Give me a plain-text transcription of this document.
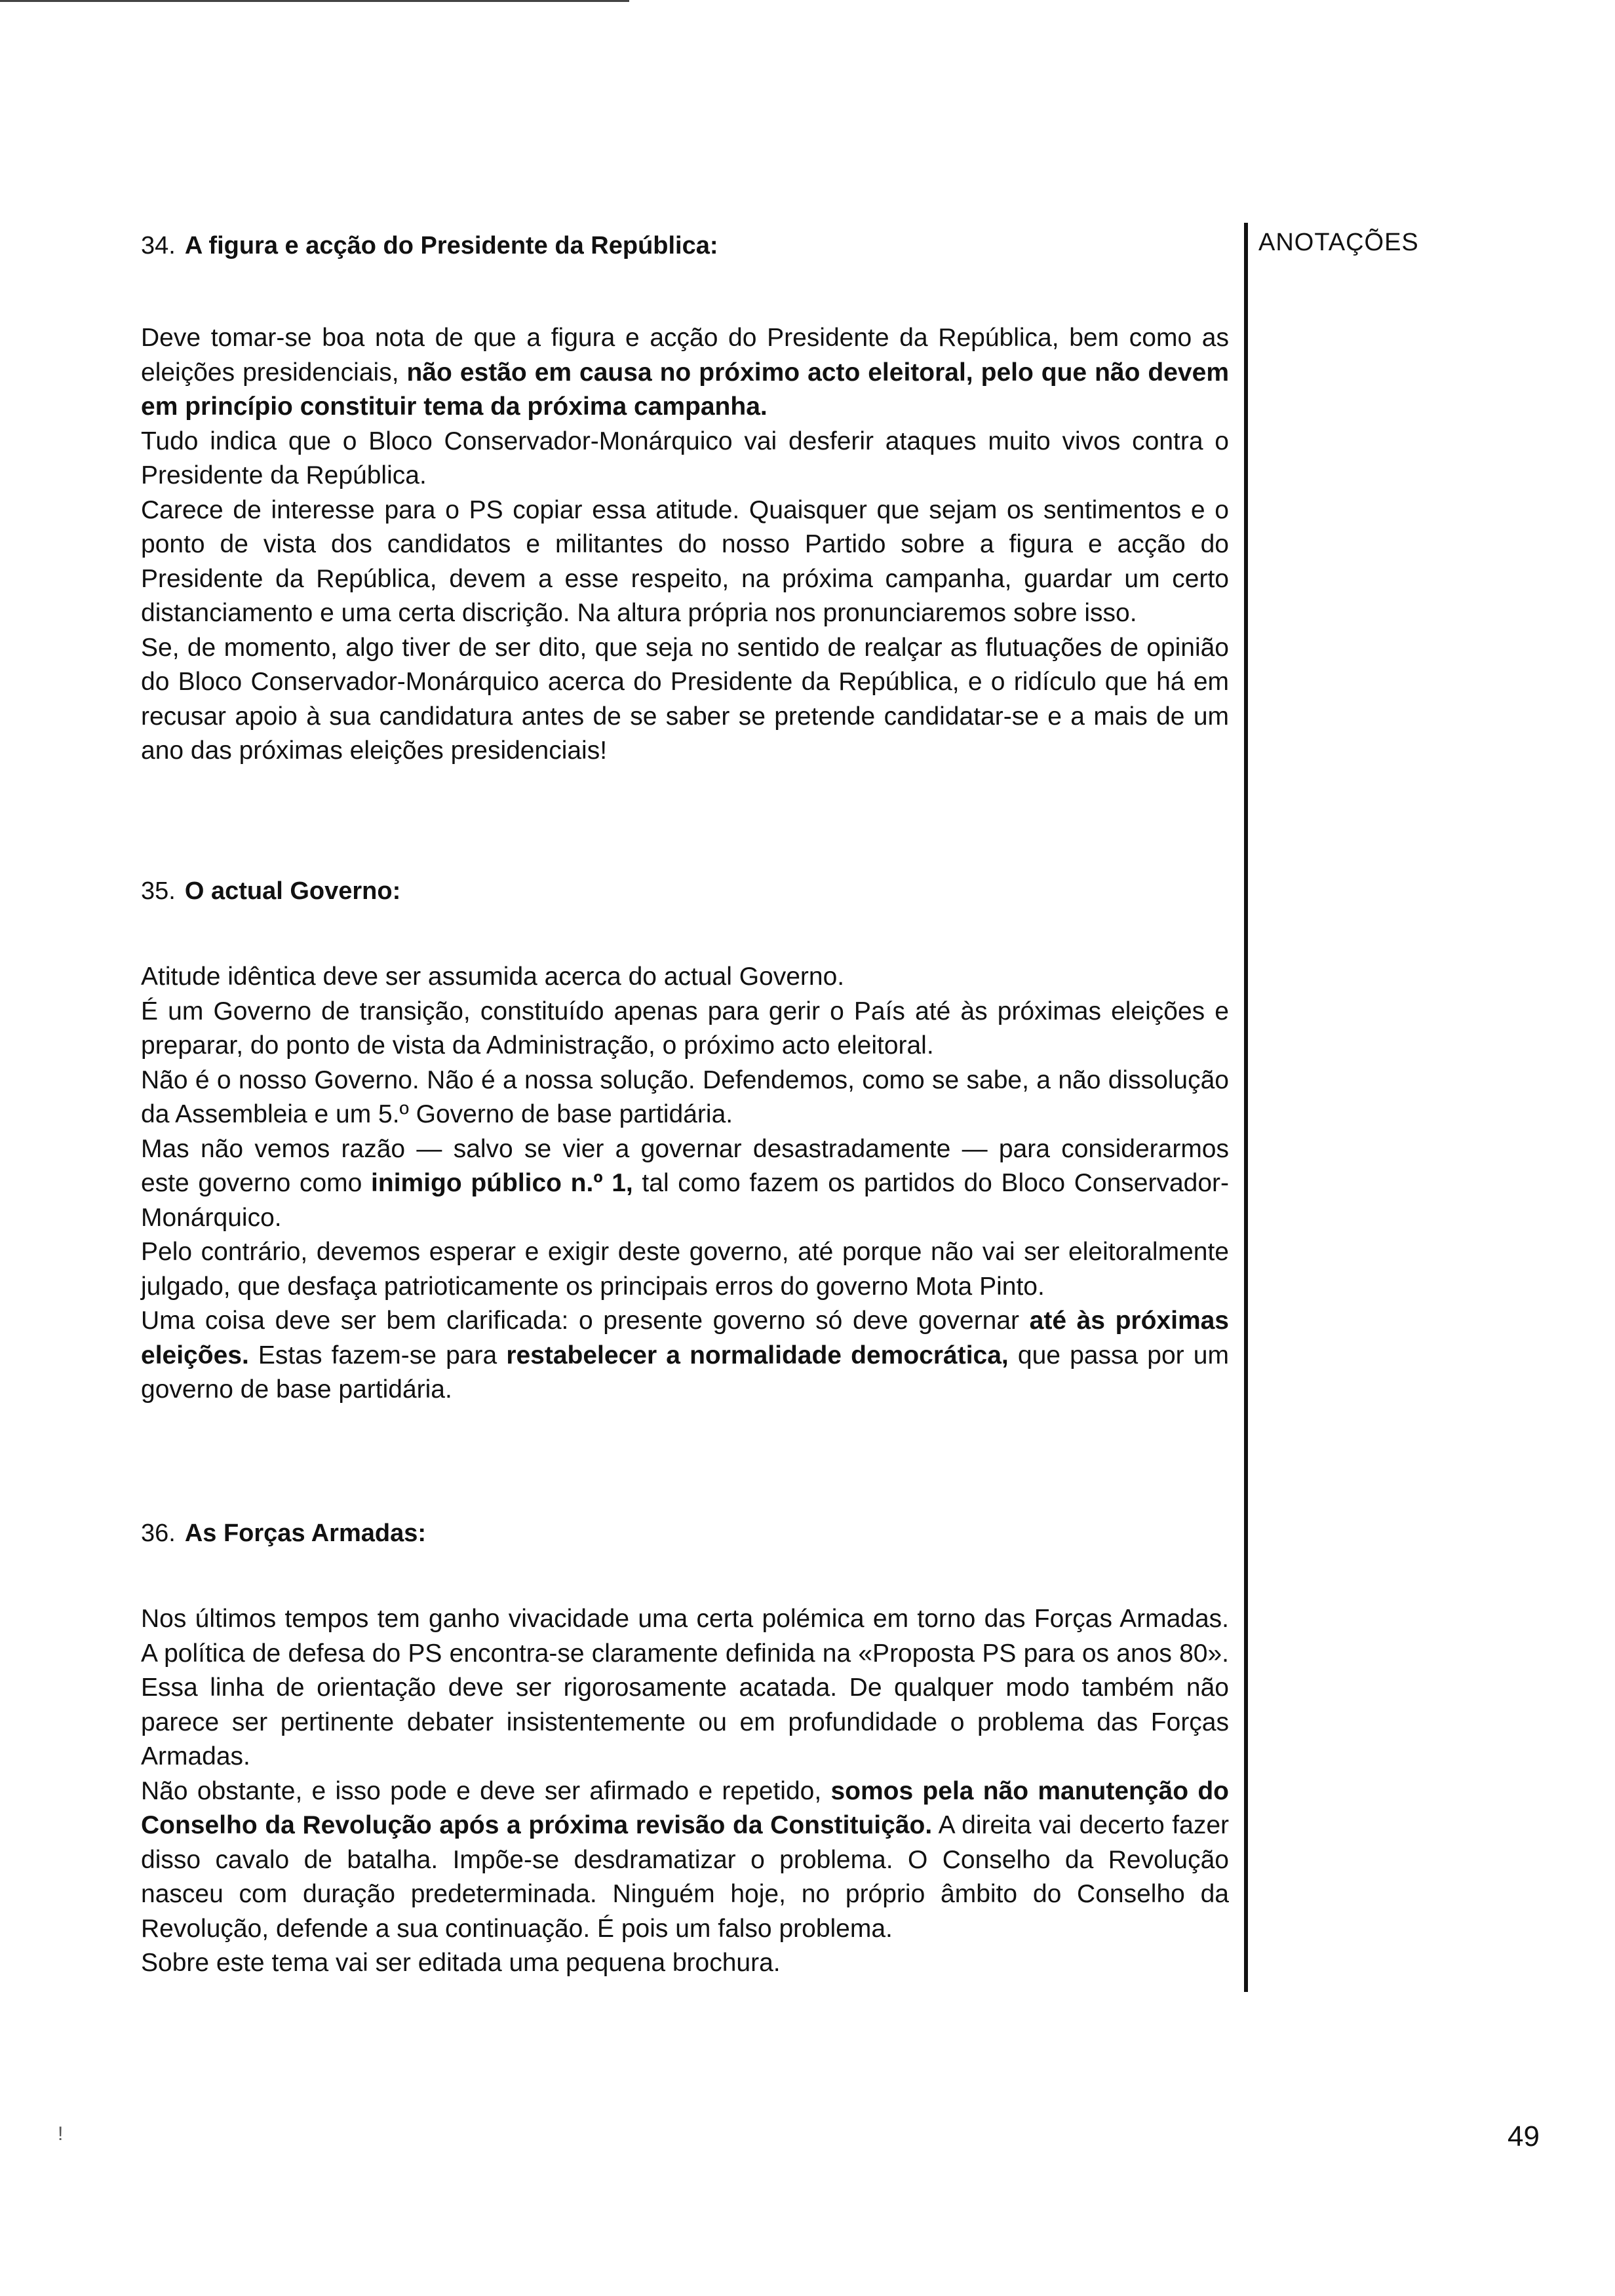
34. A figura e acção do Presidente da República:

Deve tomar-se boa nota de que a figura e acção do Presidente da República, bem como as eleições presidenciais, não estão em causa no próximo acto eleitoral, pelo que não devem em princípio constituir tema da próxima campanha.

Tudo indica que o Bloco Conservador-Monárquico vai desferir ataques muito vivos contra o Presidente da República.

Carece de interesse para o PS copiar essa atitude. Quaisquer que sejam os sentimentos e o ponto de vista dos candidatos e militantes do nosso Partido sobre a figura e acção do Presidente da República, devem a esse respeito, na próxima campanha, guardar um certo distanciamento e uma certa discrição. Na altura própria nos pronunciaremos sobre isso.

Se, de momento, algo tiver de ser dito, que seja no sentido de realçar as flutuações de opinião do Bloco Conservador-Monárquico acerca do Presidente da República, e o ridículo que há em recusar apoio à sua candidatura antes de se saber se pretende candidatar-se e a mais de um ano das próximas eleições presidenciais!

35. O actual Governo:

Atitude idêntica deve ser assumida acerca do actual Governo.

É um Governo de transição, constituído apenas para gerir o País até às próximas eleições e preparar, do ponto de vista da Administração, o próximo acto eleitoral.

Não é o nosso Governo. Não é a nossa solução. Defendemos, como se sabe, a não dissolução da Assembleia e um 5.º Governo de base partidária.

Mas não vemos razão — salvo se vier a governar desastradamente — para considerarmos este governo como inimigo público n.º 1, tal como fazem os partidos do Bloco Conservador-Monárquico.

Pelo contrário, devemos esperar e exigir deste governo, até porque não vai ser eleitoralmente julgado, que desfaça patrioticamente os principais erros do governo Mota Pinto.

Uma coisa deve ser bem clarificada: o presente governo só deve governar até às próximas eleições. Estas fazem-se para restabelecer a normalidade democrática, que passa por um governo de base partidária.

36. As Forças Armadas:

Nos últimos tempos tem ganho vivacidade uma certa polémica em torno das Forças Armadas. A política de defesa do PS encontra-se claramente definida na «Proposta PS para os anos 80». Essa linha de orientação deve ser rigorosamente acatada. De qualquer modo também não parece ser pertinente debater insistentemente ou em profundidade o problema das Forças Armadas.

Não obstante, e isso pode e deve ser afirmado e repetido, somos pela não manutenção do Conselho da Revolução após a próxima revisão da Constituição. A direita vai decerto fazer disso cavalo de batalha. Impõe-se desdramatizar o problema. O Conselho da Revolução nasceu com duração predeterminada. Ninguém hoje, no próprio âmbito do Conselho da Revolução, defende a sua continuação. É pois um falso problema.

Sobre este tema vai ser editada uma pequena brochura.

ANOTAÇÕES
!	49
